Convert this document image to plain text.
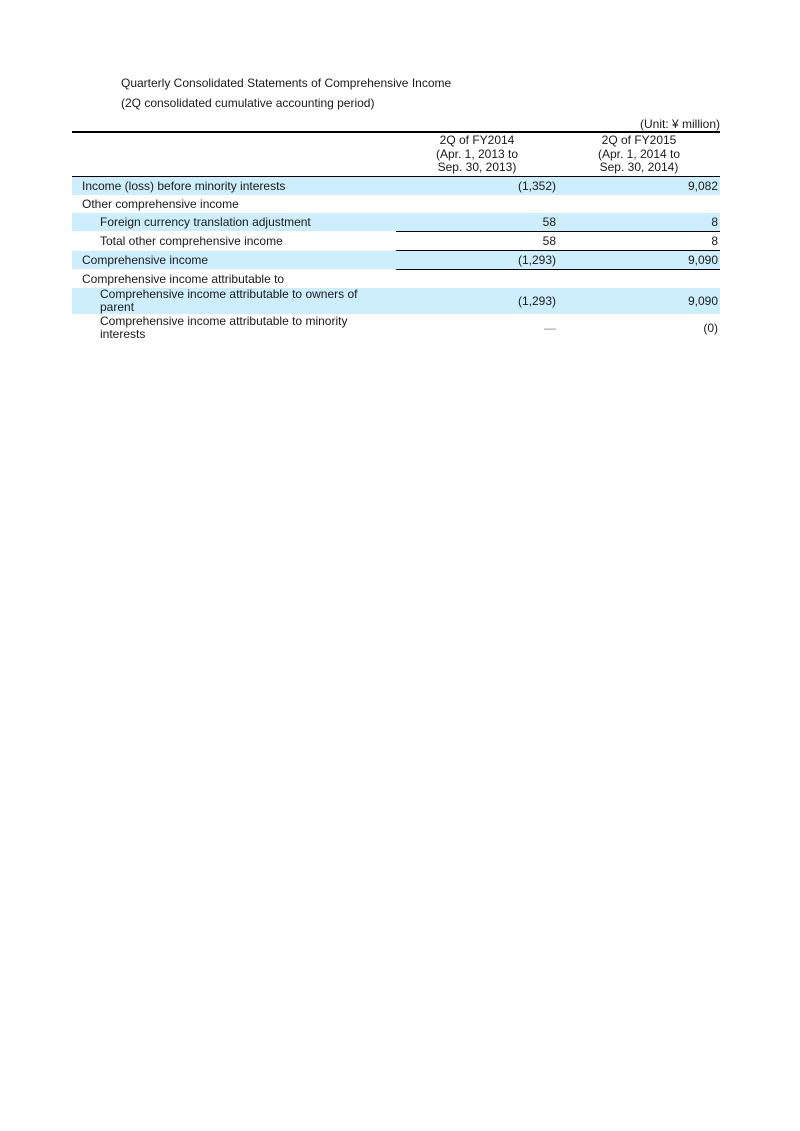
Quarterly Consolidated Statements of Comprehensive Income
(2Q consolidated cumulative accounting period)
(Unit: ¥ million)
2Q of FY2014
(Apr. 1, 2013 to
Sep. 30, 2013)
2Q of FY2015
(Apr. 1, 2014 to
Sep. 30, 2014)
Income (loss) before minority interests	(1,352)	9,082
Other comprehensive income
Foreign currency translation adjustment	58	8
Total other comprehensive income	58	8
Comprehensive income	(1,293)	9,090
Comprehensive income attributable to
Comprehensive income attributable to owners of parent	(1,293)	9,090
Comprehensive income attributable to minority interests	—	(0)
